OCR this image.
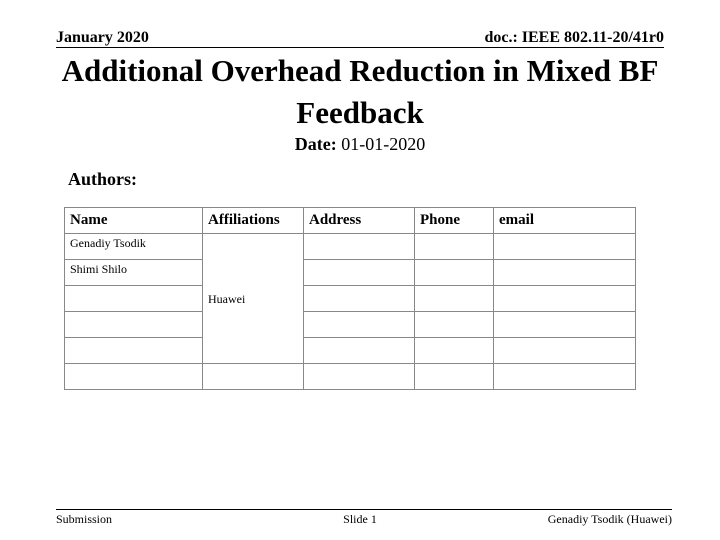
January 2020	doc.: IEEE 802.11-20/41r0
Additional Overhead Reduction in Mixed BF Feedback
Date: 01-01-2020
Authors:
Name	Affiliations	Address	Phone	email
Genadiy Tsodik	Huawei			
Shimi Shilo				

Submission	Slide 1	Genadiy Tsodik (Huawei)
